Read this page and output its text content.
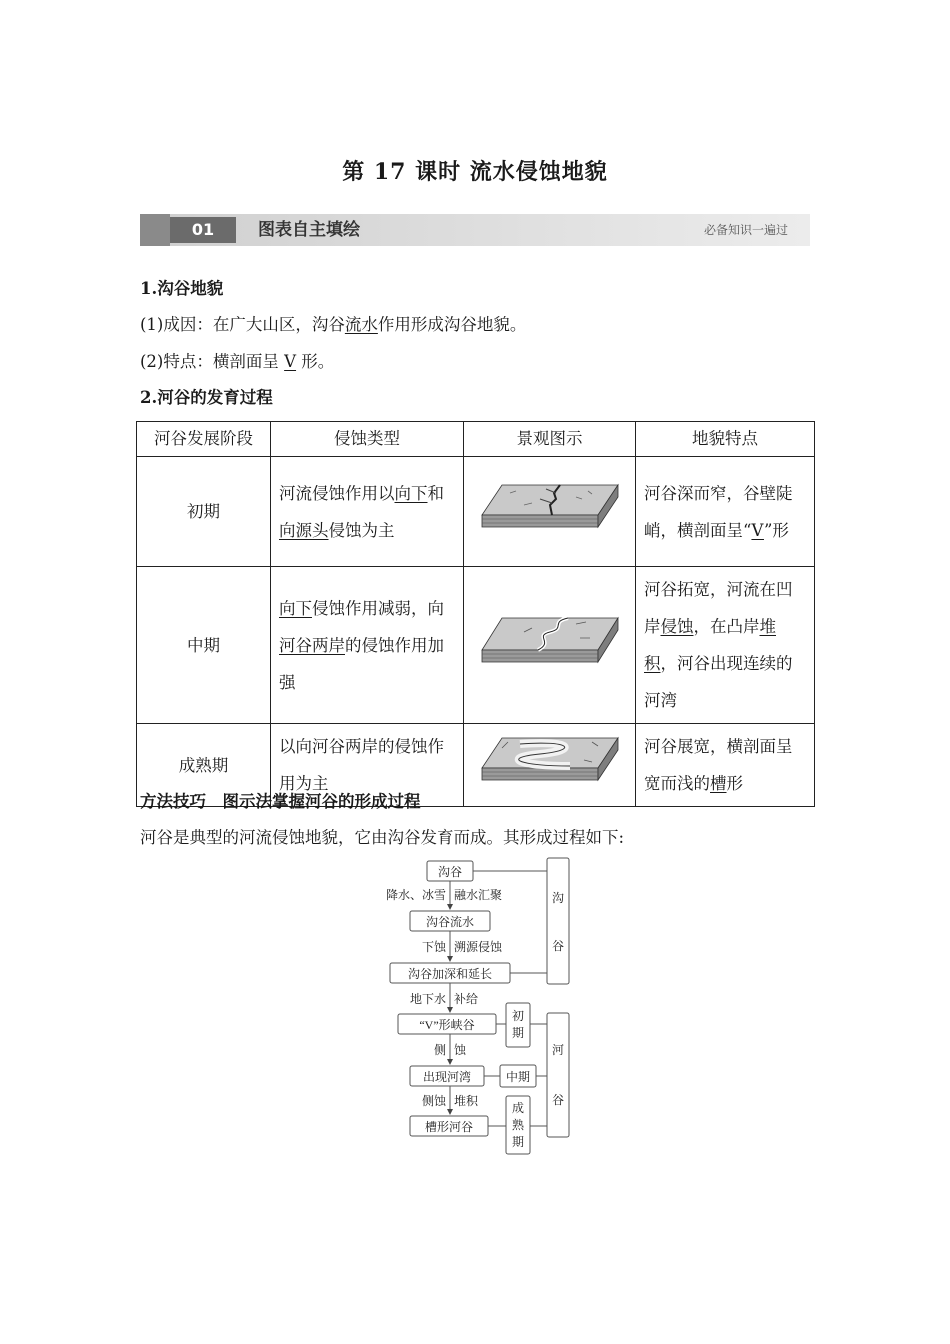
第 17 课时 流水侵蚀地貌
01	图表自主填绘	必备知识一遍过
1.沟谷地貌
(1)成因：在广大山区，沟谷流水作用形成沟谷地貌。
(2)特点：横剖面呈 V 形。
2.河谷的发育过程
河谷发展阶段	侵蚀类型	景观图示	地貌特点
初期	河流侵蚀作用以向下和向源头侵蚀为主		河谷深而窄，谷壁陡峭，横剖面呈“V”形
中期	向下侵蚀作用减弱，向河谷两岸的侵蚀作用加强		河谷拓宽，河流在凹岸侵蚀，在凸岸堆积，河谷出现连续的河湾
成熟期	以向河谷两岸的侵蚀作用为主		河谷展宽，横剖面呈宽而浅的槽形
方法技巧　图示法掌握河谷的形成过程
河谷是典型的河流侵蚀地貌，它由沟谷发育而成。其形成过程如下:
沟谷
沟谷流水
沟谷加深和延长
“V”形峡谷
出现河湾
槽形河谷
初
期
中期
成
熟
期
沟
谷
河
谷
降水、冰雪 融水汇聚
下蚀 溯源侵蚀
地下水 补给
侧 蚀
侧蚀 堆积
